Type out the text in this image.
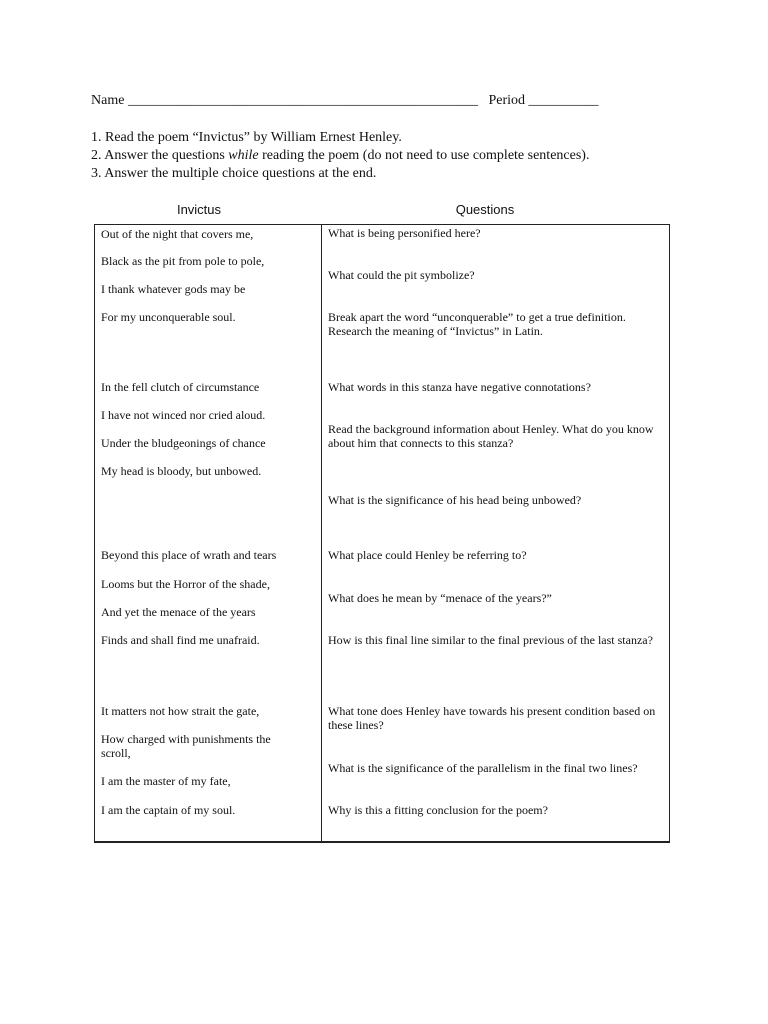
Name __________________________________________________ Period __________
1. Read the poem “Invictus” by William Ernest Henley.
2. Answer the questions while reading the poem (do not need to use complete sentences).
3. Answer the multiple choice questions at the end.
Invictus	Questions
Out of the night that covers me,
Black as the pit from pole to pole,
I thank whatever gods may be
For my unconquerable soul.
In the fell clutch of circumstance
I have not winced nor cried aloud.
Under the bludgeonings of chance
My head is bloody, but unbowed.
Beyond this place of wrath and tears
Looms but the Horror of the shade,
And yet the menace of the years
Finds and shall find me unafraid.
It matters not how strait the gate,
How charged with punishments the scroll,
I am the master of my fate,
I am the captain of my soul.
What is being personified here?
What could the pit symbolize?
Break apart the word “unconquerable” to get a true definition. Research the meaning of “Invictus” in Latin.
What words in this stanza have negative connotations?
Read the background information about Henley. What do you know about him that connects to this stanza?
What is the significance of his head being unbowed?
What place could Henley be referring to?
What does he mean by “menace of the years?”
How is this final line similar to the final previous of the last stanza?
What tone does Henley have towards his present condition based on these lines?
What is the significance of the parallelism in the final two lines?
Why is this a fitting conclusion for the poem?
